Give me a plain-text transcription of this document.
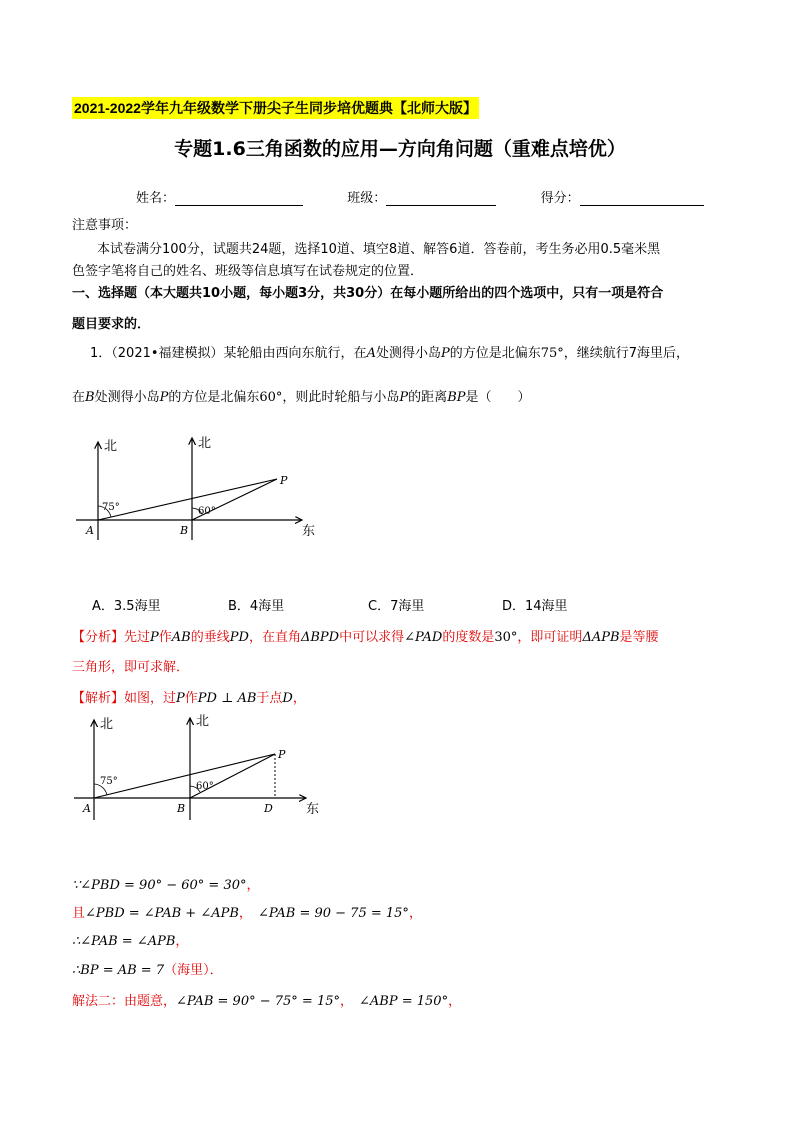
2021-2022学年九年级数学下册尖子生同步培优题典【北师大版】
专题1.6三角函数的应用—方向角问题（重难点培优）
姓名：	班级：	得分：
注意事项：
本试卷满分100分，试题共24题，选择10道、填空8道、解答6道．答卷前，考生务必用0.5毫米黑
色签字笔将自己的姓名、班级等信息填写在试卷规定的位置．
一、选择题（本大题共10小题，每小题3分，共30分）在每小题所给出的四个选项中，只有一项是符合
题目要求的．
1．（2021•福建模拟）某轮船由西向东航行，在A处测得小岛P的方位是北偏东75°，继续航行7海里后，
在B处测得小岛P的方位是北偏东60°，则此时轮船与小岛P的距离BP是（　　）
北	北
东
75°	60°
A	B
P
A．3.5海里	B．4海里	C．7海里	D．14海里
【分析】先过P作AB的垂线PD，在直角ΔBPD中可以求得∠PAD的度数是30°，即可证明ΔAPB是等腰
三角形，即可求解．
【解析】如图，过P作PD ⊥ AB于点D，
北	北
东
75°	60°
A	B	D
P
∵∠PBD = 90° − 60° = 30°，
且∠PBD = ∠PAB + ∠APB， ∠PAB = 90 − 75 = 15°，
∴∠PAB = ∠APB，
∴BP = AB = 7（海里）．
解法二：由题意，∠PAB = 90° − 75° = 15°， ∠ABP = 150°，
